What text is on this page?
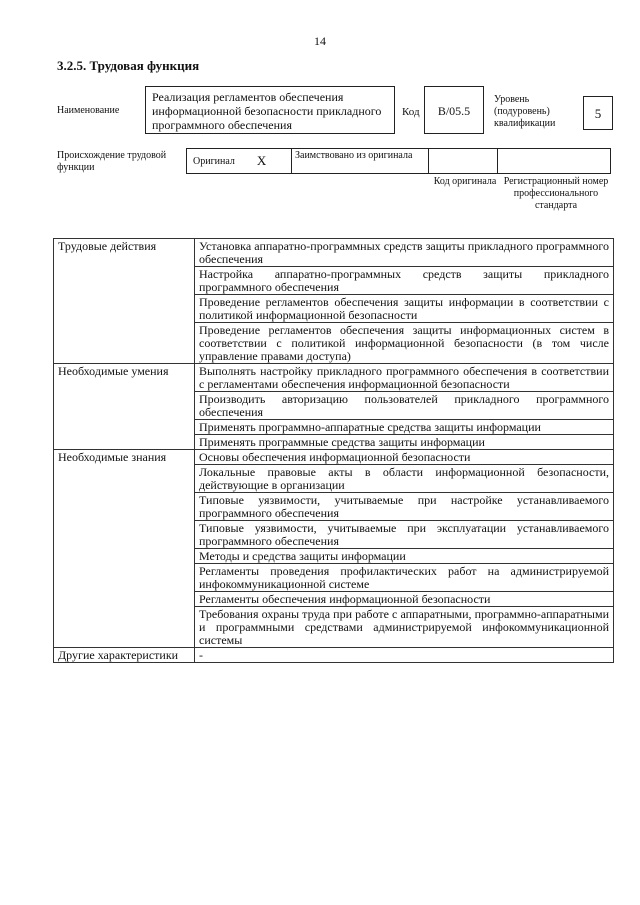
14
3.2.5. Трудовая функция
Наименование
Реализация регламентов обеспечения информационной безопасности прикладного программного обеспечения
Код	B/05.5
Уровень (подуровень) квалификации
5
Происхождение трудовой функции
Оригинал X	Заимствовано из оригинала
Код оригинала Регистрационный номер профессионального стандарта
Трудовые действия	Установка аппаратно-программных средств защиты прикладного программного обеспечения
	Настройка аппаратно-программных средств защиты прикладного программного обеспечения
	Проведение регламентов обеспечения защиты информации в соответствии с политикой информационной безопасности
	Проведение регламентов обеспечения защиты информационных систем в соответствии с политикой информационной безопасности (в том числе управление правами доступа)
Необходимые умения	Выполнять настройку прикладного программного обеспечения в соответствии с регламентами обеспечения информационной безопасности
	Производить авторизацию пользователей прикладного программного обеспечения
	Применять программно-аппаратные средства защиты информации
	Применять программные средства защиты информации
Необходимые знания	Основы обеспечения информационной безопасности
	Локальные правовые акты в области информационной безопасности, действующие в организации
	Типовые уязвимости, учитываемые при настройке устанавливаемого программного обеспечения
	Типовые уязвимости, учитываемые при эксплуатации устанавливаемого программного обеспечения
	Методы и средства защиты информации
	Регламенты проведения профилактических работ на администрируемой инфокоммуникационной системе
	Регламенты обеспечения информационной безопасности
	Требования охраны труда при работе с аппаратными, программно-аппаратными и программными средствами администрируемой инфокоммуникационной системы
Другие характеристики	-
